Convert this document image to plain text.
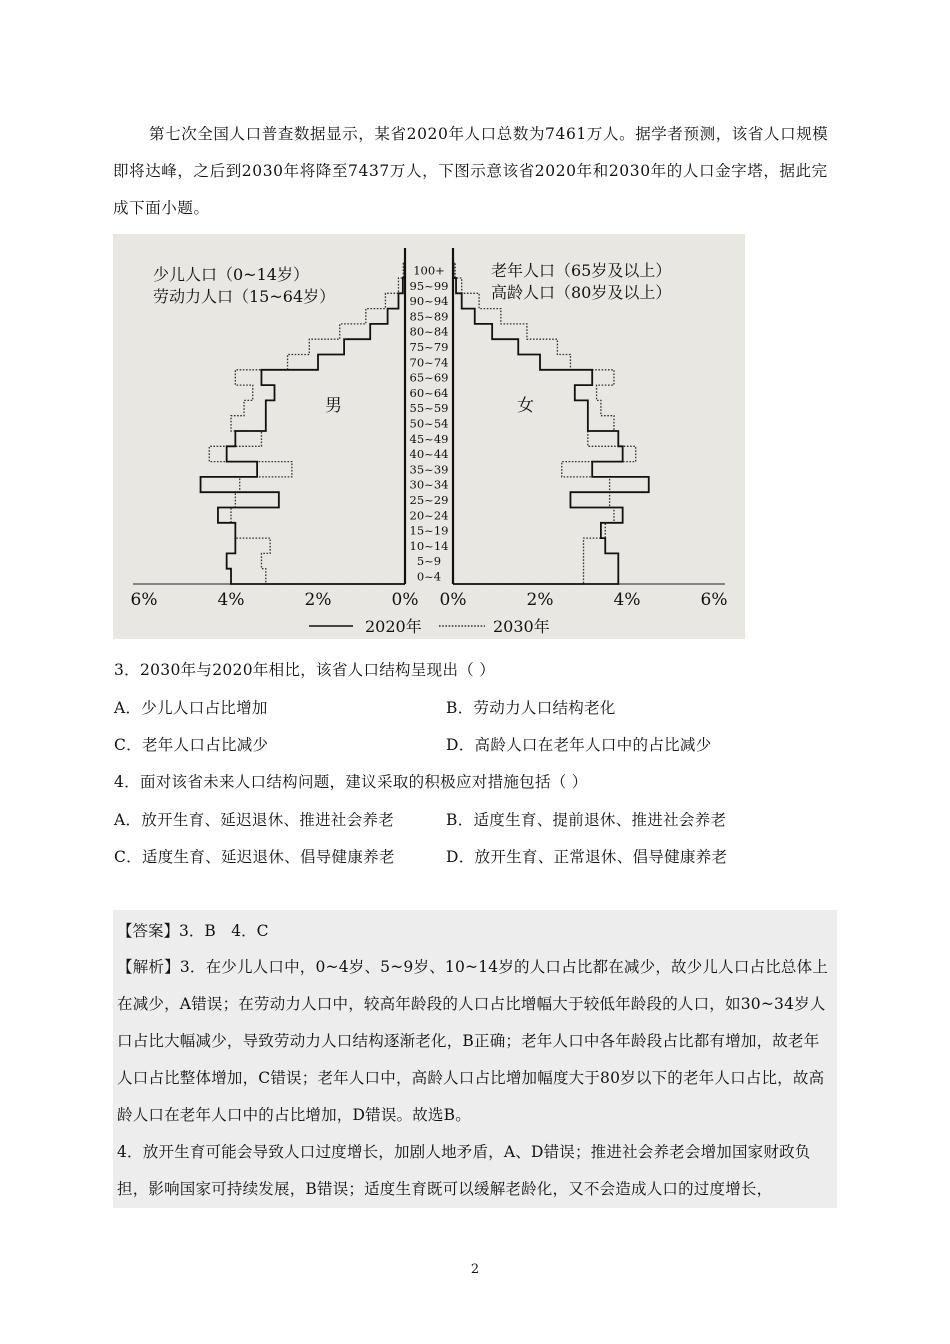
第七次全国人口普查数据显示，某省2020年人口总数为7461万人。据学者预测，该省人口规模即将达峰，之后到2030年将降至7437万人，下图示意该省2020年和2030年的人口金字塔，据此完成下面小题。
0~4
5~9
10~14
15~19
20~24
25~29
30~34
35~39
40~44
45~49
50~54
55~59
60~64
65~69
70~74
75~79
80~84
85~89
90~94
95~99
100+
6%	4%	2%	0% 0%	2%	4%	6%
少儿人口（0~14岁）
劳动力人口（15~64岁）
老年人口（65岁及以上）
高龄人口（80岁及以上）
男	女
2020年	2030年
3．2030年与2020年相比，该省人口结构呈现出（ ）
A．少儿人口占比增加	B．劳动力人口结构老化
C．老年人口占比减少	D．高龄人口在老年人口中的占比减少
4．面对该省未来人口结构问题，建议采取的积极应对措施包括（ ）
A．放开生育、延迟退休、推进社会养老	B．适度生育、提前退休、推进社会养老
C．适度生育、延迟退休、倡导健康养老	D．放开生育、正常退休、倡导健康养老
【答案】3．B　4．C
【解析】3．在少儿人口中，0~4岁、5~9岁、10~14岁的人口占比都在减少，故少儿人口占比总体上在减少，A错误；在劳动力人口中，较高年龄段的人口占比增幅大于较低年龄段的人口，如30~34岁人口占比大幅减少，导致劳动力人口结构逐渐老化，B正确；老年人口中各年龄段占比都有增加，故老年人口占比整体增加，C错误；老年人口中，高龄人口占比增加幅度大于80岁以下的老年人口占比，故高龄人口在老年人口中的占比增加，D错误。故选B。
4．放开生育可能会导致人口过度增长，加剧人地矛盾，A、D错误；推进社会养老会增加国家财政负担，影响国家可持续发展，B错误；适度生育既可以缓解老龄化，又不会造成人口的过度增长，
2
